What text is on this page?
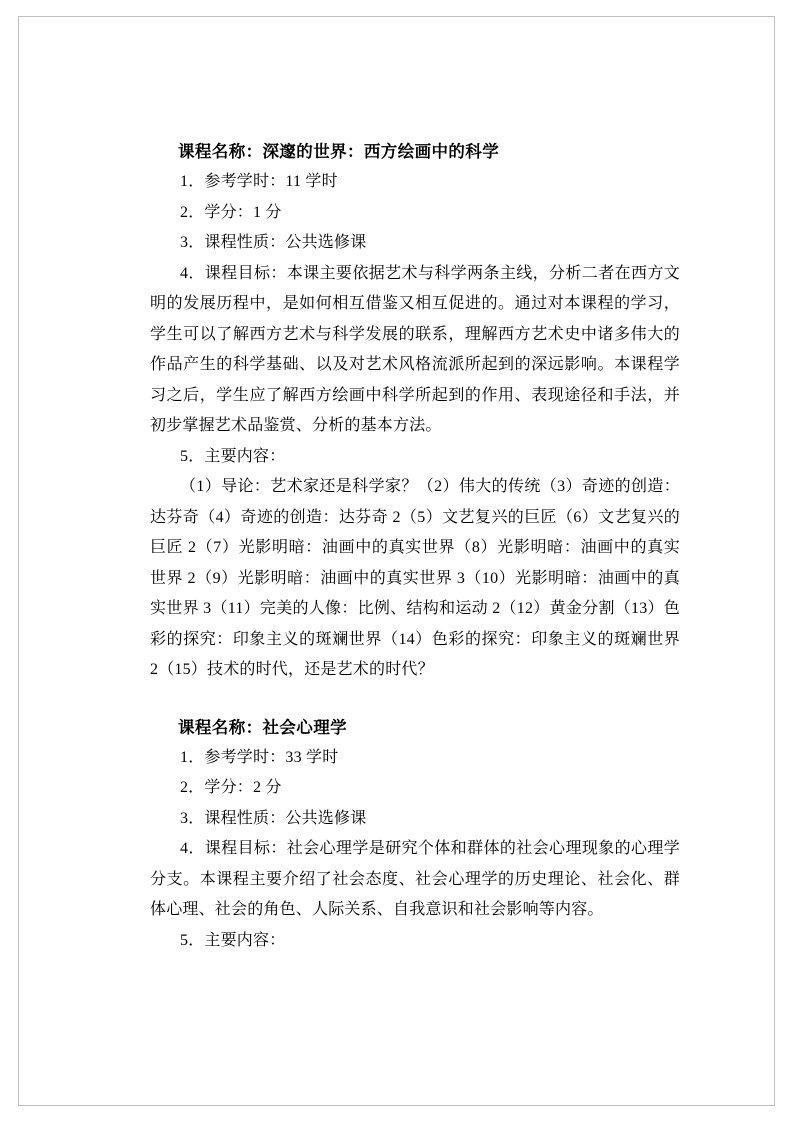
课程名称：深邃的世界：西方绘画中的科学
1．参考学时：11 学时
2．学分：1 分
3．课程性质：公共选修课
4．课程目标：本课主要依据艺术与科学两条主线，分析二者在西方文明的发展历程中，是如何相互借鉴又相互促进的。通过对本课程的学习，学生可以了解西方艺术与科学发展的联系，理解西方艺术史中诸多伟大的作品产生的科学基础、以及对艺术风格流派所起到的深远影响。本课程学习之后，学生应了解西方绘画中科学所起到的作用、表现途径和手法，并初步掌握艺术品鉴赏、分析的基本方法。
5．主要内容：
（1）导论：艺术家还是科学家？（2）伟大的传统（3）奇迹的创造：达芬奇（4）奇迹的创造：达芬奇 2（5）文艺复兴的巨匠（6）文艺复兴的巨匠 2（7）光影明暗：油画中的真实世界（8）光影明暗：油画中的真实世界 2（9）光影明暗：油画中的真实世界 3（10）光影明暗：油画中的真实世界 3（11）完美的人像：比例、结构和运动 2（12）黄金分割（13）色彩的探究：印象主义的斑斓世界（14）色彩的探究：印象主义的斑斓世界 2（15）技术的时代，还是艺术的时代？
课程名称：社会心理学
1．参考学时：33 学时
2．学分：2 分
3．课程性质：公共选修课
4．课程目标：社会心理学是研究个体和群体的社会心理现象的心理学分支。本课程主要介绍了社会态度、社会心理学的历史理论、社会化、群体心理、社会的角色、人际关系、自我意识和社会影响等内容。
5．主要内容：
